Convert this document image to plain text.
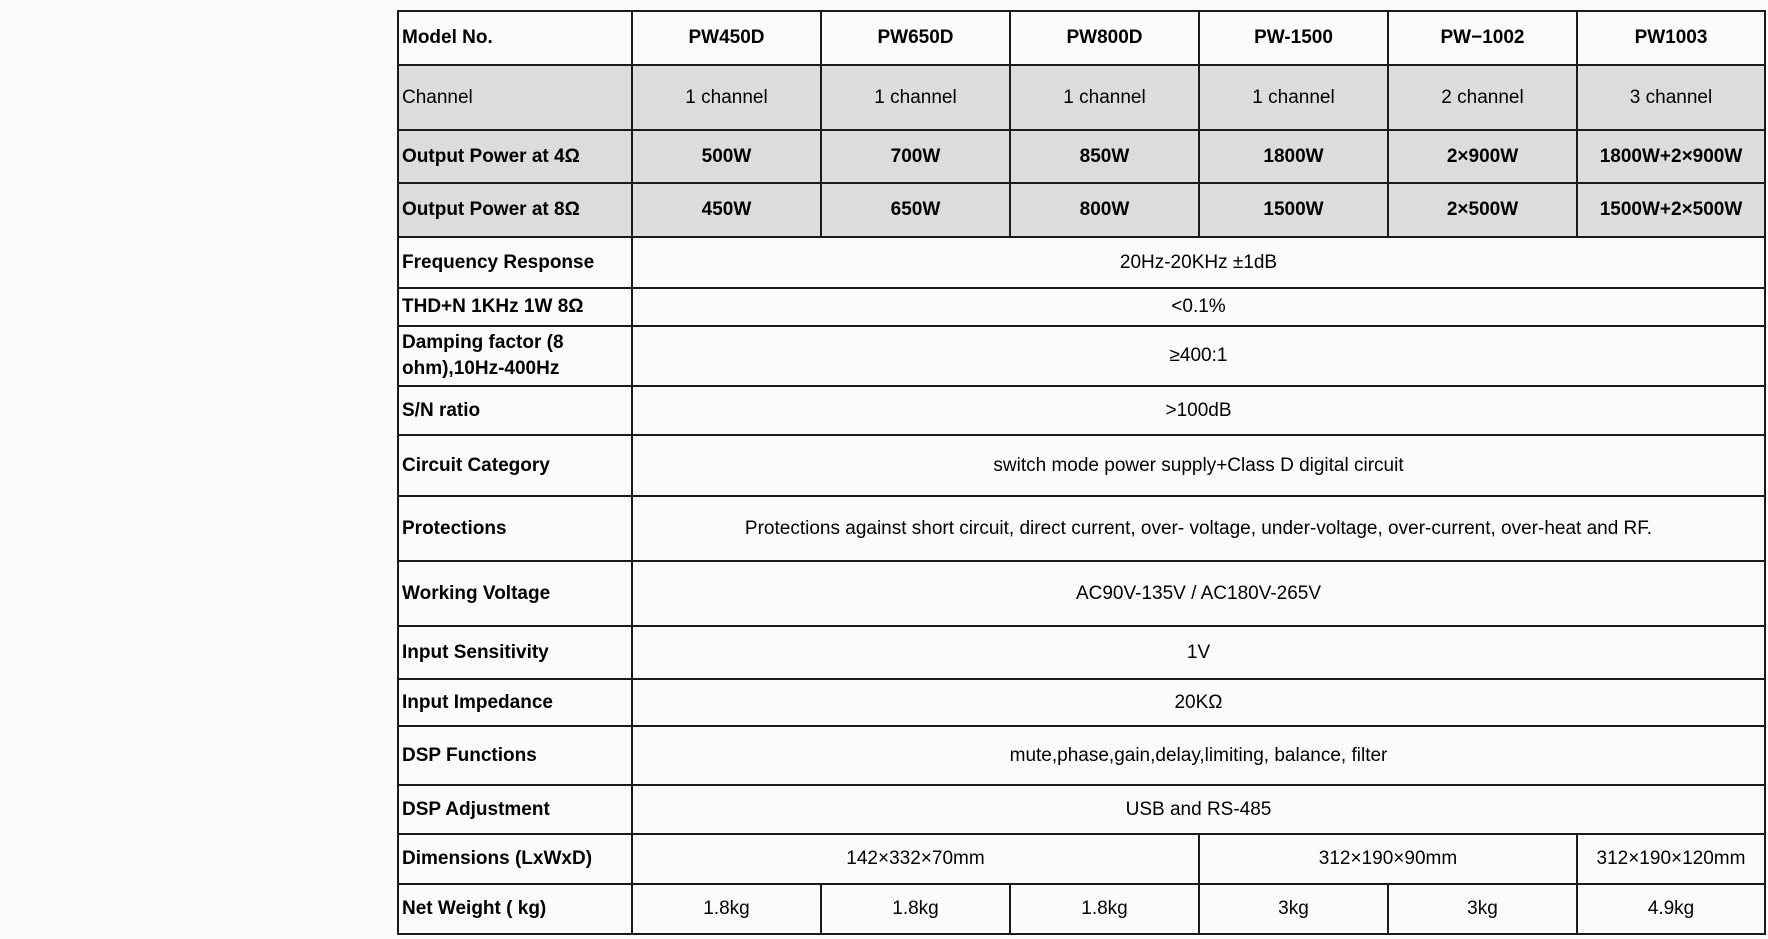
Model No.	PW450D	PW650D	PW800D	PW-1500	PW−1002	PW1003
Channel	1 channel	1 channel	1 channel	1 channel	2 channel	3 channel
Output Power at 4Ω	500W	700W	850W	1800W	2×900W	1800W+2×900W
Output Power at 8Ω	450W	650W	800W	1500W	2×500W	1500W+2×500W
Frequency Response	20Hz-20KHz ±1dB					
THD+N 1KHz 1W 8Ω	<0.1%					
Damping factor (8 ohm),10Hz-400Hz	≥400:1					
S/N ratio	>100dB					
Circuit Category	switch mode power supply+Class D digital circuit					
Protections	Protections against short circuit, direct current, over- voltage, under-voltage, over-current, over-heat and RF.					
Working Voltage	AC90V-135V / AC180V-265V					
Input Sensitivity	1V					
Input Impedance	20KΩ					
DSP Functions	mute,phase,gain,delay,limiting, balance, filter					
DSP Adjustment	USB and RS-485					
Dimensions (LxWxD)	142×332×70mm			312×190×90mm		312×190×120mm
Net Weight ( kg)	1.8kg	1.8kg	1.8kg	3kg	3kg	4.9kg
